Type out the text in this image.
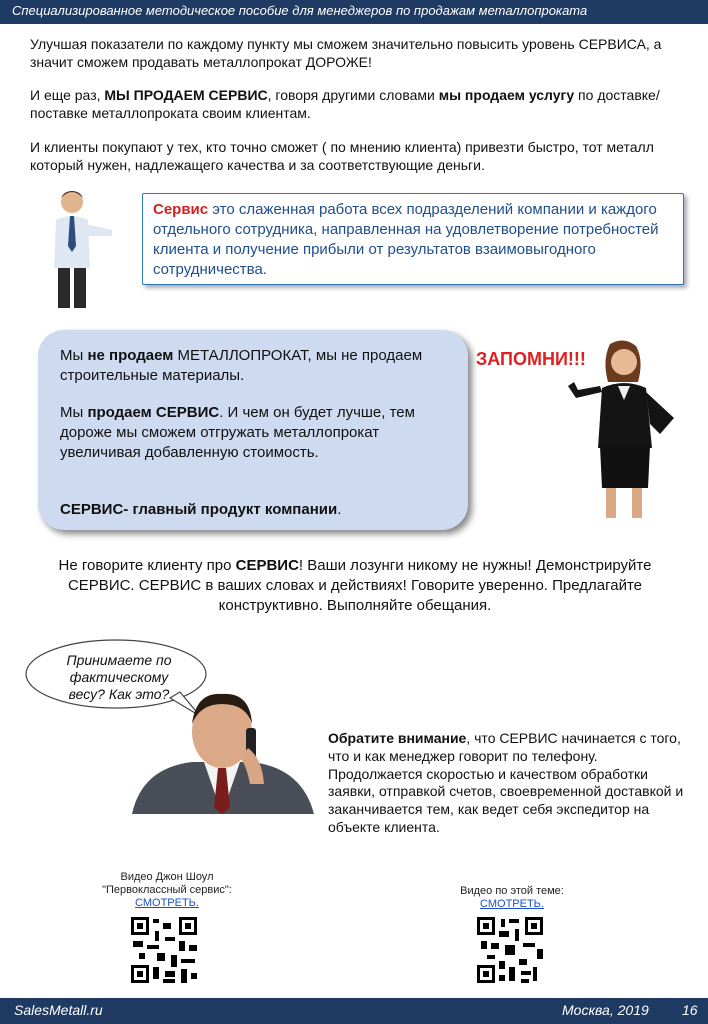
Специализированное методическое пособие для менеджеров по продажам металлопроката

Улучшая показатели по каждому пункту мы сможем значительно повысить уровень СЕРВИСА, а значит сможем продавать металлопрокат ДОРОЖЕ!

И еще раз, МЫ ПРОДАЕМ СЕРВИС, говоря другими словами мы продаем услугу по доставке/ поставке металлопроката своим клиентам.

И клиенты покупают у тех, кто точно сможет ( по мнению клиента) привезти быстро, тот металл который нужен, надлежащего качества и за соответствующие деньги.

Сервис это слаженная работа всех подразделений компании и каждого отдельного сотрудника, направленная на удовлетворение потребностей клиента и получение прибыли от результатов взаимовыгодного сотрудничества.

Мы не продаем МЕТАЛЛОПРОКАТ, мы не продаем строительные материалы.

Мы продаем СЕРВИС. И чем он будет лучше, тем дороже мы сможем отгружать металлопрокат увеличивая добавленную стоимость.

СЕРВИС- главный продукт компании.

ЗАПОМНИ!!!

Не говорите клиенту про СЕРВИС! Ваши лозунги никому не нужны! Демонстрируйте СЕРВИС. СЕРВИС в ваших словах и действиях! Говорите уверенно. Предлагайте конструктивно. Выполняйте обещания.

Принимаете по фактическому весу? Как это?

Обратите внимание, что СЕРВИС начинается с того, что и как менеджер говорит по телефону. Продолжается скоростью и качеством обработки заявки, отправкой счетов, своевременной доставкой и заканчивается тем, как ведет себя экспедитор на объекте клиента.

Видео Джон Шоул
"Первоклассный сервис":
СМОТРЕТЬ.
Видео по этой теме:
СМОТРЕТЬ.
SalesMetall.ru	Москва, 2019 16
